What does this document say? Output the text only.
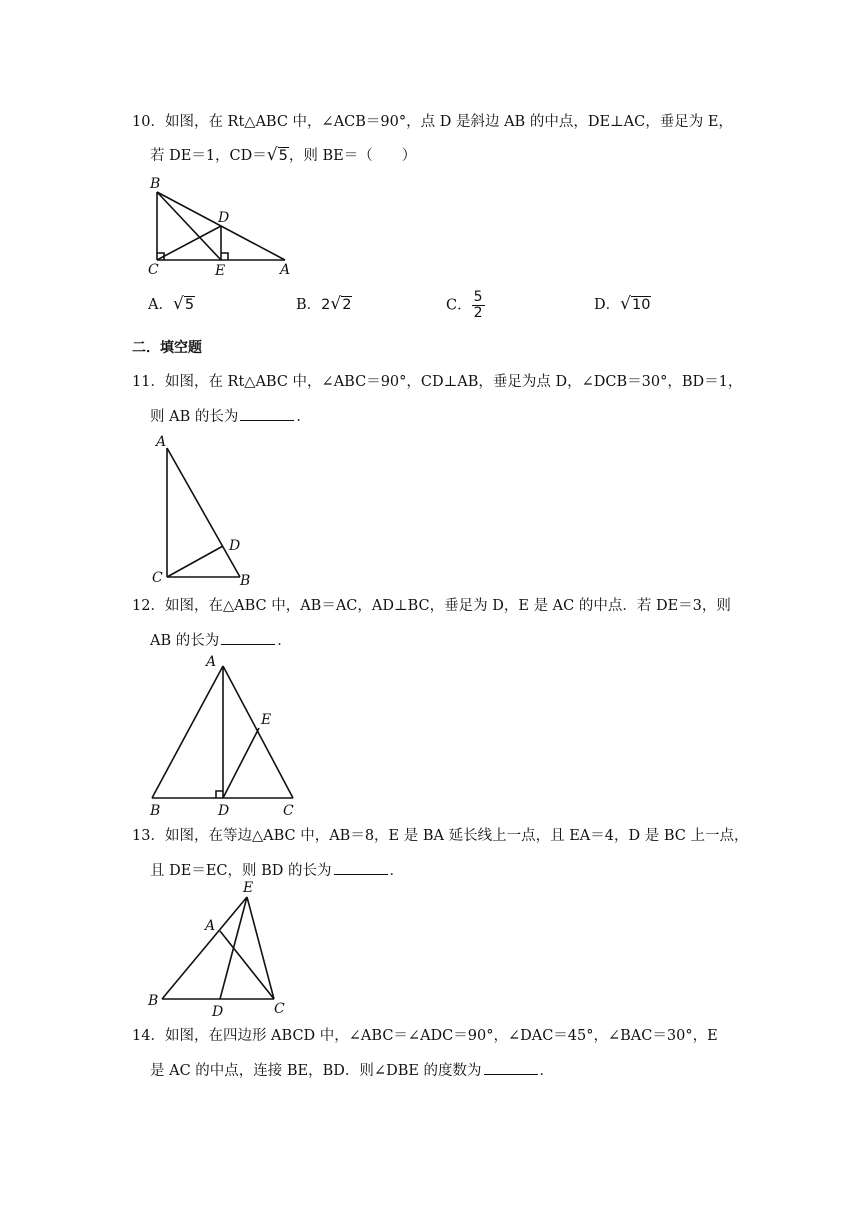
10．如图，在 Rt△ABC 中，∠ACB＝90°，点 D 是斜边 AB 的中点，DE⊥AC，垂足为 E，
若 DE＝1，CD＝ √ 5 ，则 BE＝（　　）
B
D
C	E	A
A． √ 5	B．2 √ 2	C． $\frac{5}{2}$	D． √ 10
二．填空题
11．如图，在 Rt△ABC 中，∠ABC＝90°，CD⊥AB，垂足为点 D，∠DCB＝30°，BD＝1，
则 AB 的长为	．
A
D
C	B
12．如图，在△ABC 中，AB＝AC，AD⊥BC，垂足为 D，E 是 AC 的中点．若 DE＝3，则
AB 的长为	．
A
E
B	D	C
13．如图，在等边△ABC 中，AB＝8，E 是 BA 延长线上一点，且 EA＝4，D 是 BC 上一点，
且 DE＝EC，则 BD 的长为	．
E
A
B
D	C
14．如图，在四边形 ABCD 中，∠ABC＝∠ADC＝90°，∠DAC＝45°，∠BAC＝30°，E
是 AC 的中点，连接 BE，BD．则∠DBE 的度数为	．
